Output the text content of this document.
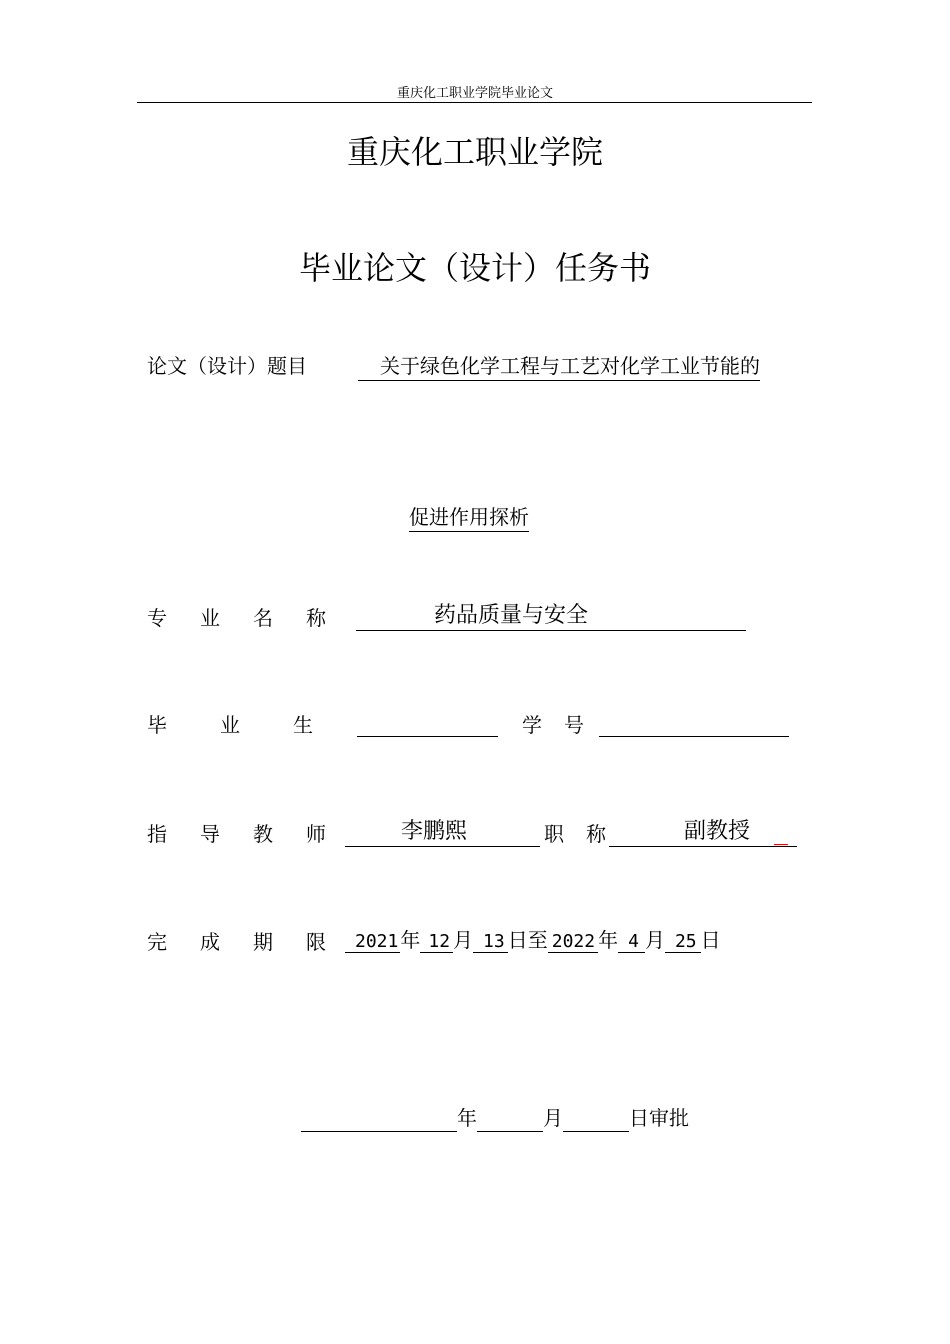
重庆化工职业学院毕业论文
重庆化工职业学院
毕业论文（设计）任务书
论文（设计）题目	关于绿色化学工程与工艺对化学工业节能的
促进作用探析
专业名称	药品质量与安全
毕业生	学号
指导教师 李鹏熙	职称	副教授
完成期限
2021 年 12 月 13 日至 2022 年 4 月 25 日
年	月	日审批
